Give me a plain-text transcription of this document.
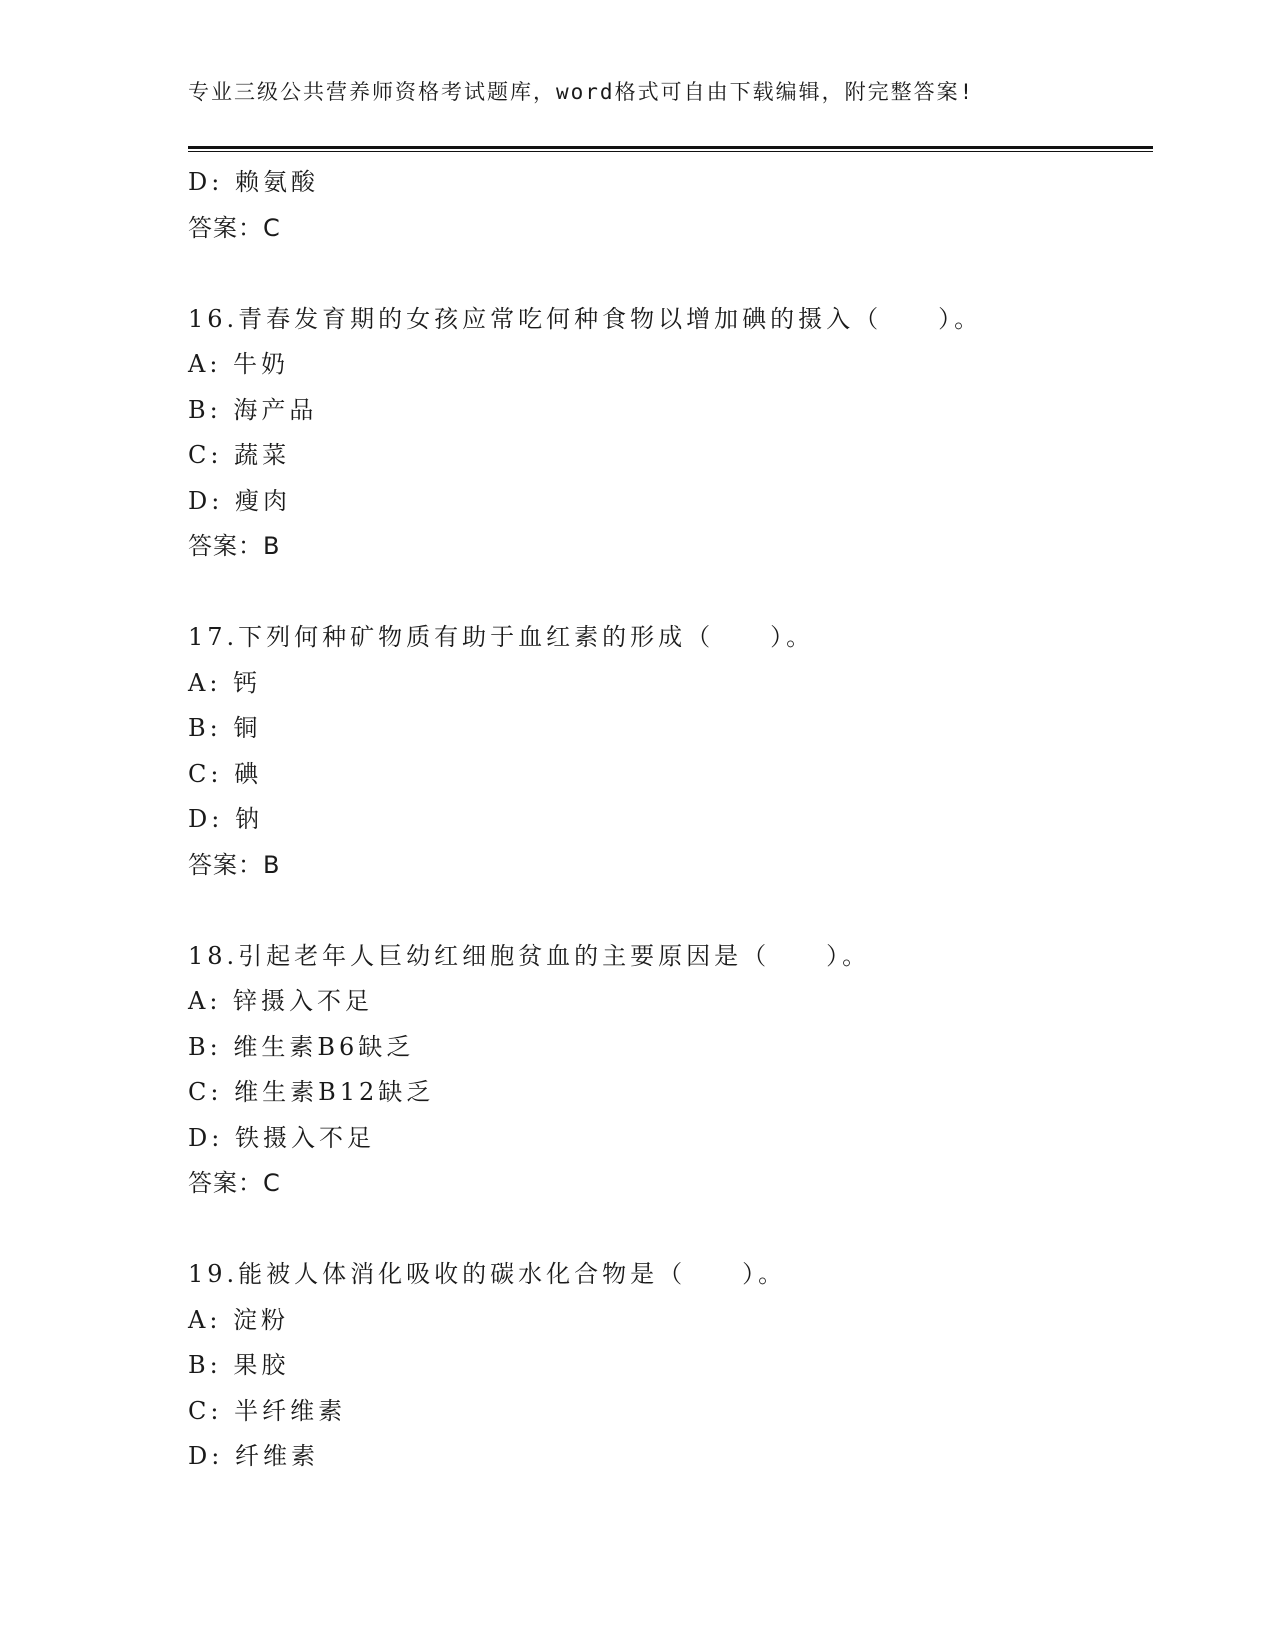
专业三级公共营养师资格考试题库，word格式可自由下载编辑，附完整答案!
D: 赖氨酸
答案：C
16.青春发育期的女孩应常吃何种食物以增加碘的摄入（　　）。
A: 牛奶
B: 海产品
C: 蔬菜
D: 瘦肉
答案：B
17.下列何种矿物质有助于血红素的形成（　　）。
A: 钙
B: 铜
C: 碘
D: 钠
答案：B
18.引起老年人巨幼红细胞贫血的主要原因是（　　）。
A: 锌摄入不足
B: 维生素B6缺乏
C: 维生素B12缺乏
D: 铁摄入不足
答案：C
19.能被人体消化吸收的碳水化合物是（　　）。
A: 淀粉
B: 果胶
C: 半纤维素
D: 纤维素
